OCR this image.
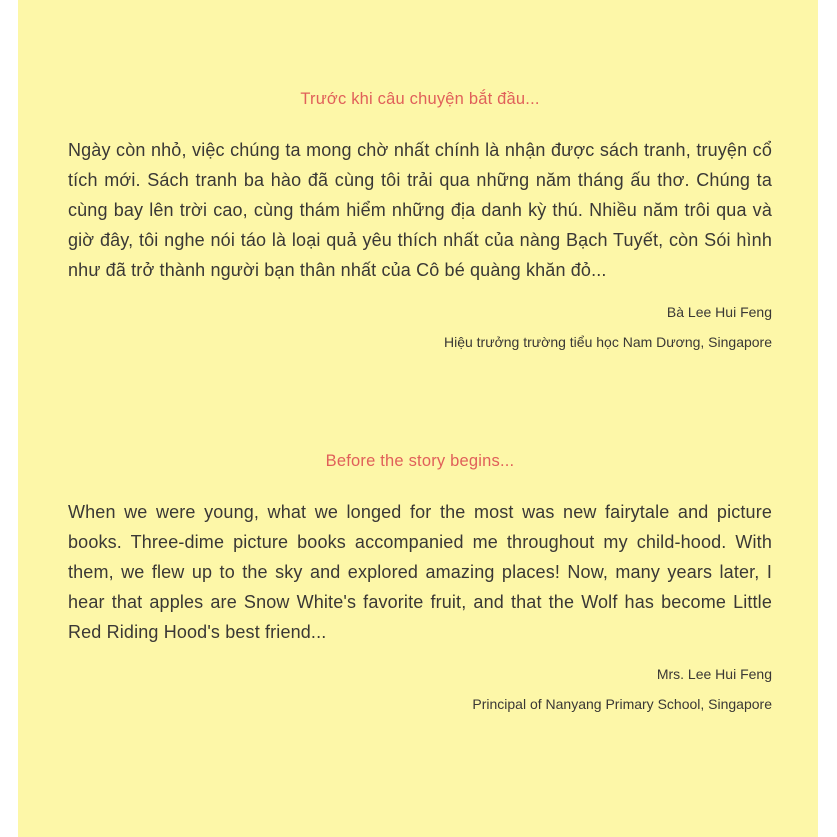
Trước khi câu chuyện bắt đầu...

Ngày còn nhỏ, việc chúng ta mong chờ nhất chính là nhận được sách tranh, truyện cổ tích mới. Sách tranh ba hào đã cùng tôi trải qua những năm tháng ấu thơ. Chúng ta cùng bay lên trời cao, cùng thám hiểm những địa danh kỳ thú. Nhiều năm trôi qua và giờ đây, tôi nghe nói táo là loại quả yêu thích nhất của nàng Bạch Tuyết, còn Sói hình như đã trở thành người bạn thân nhất của Cô bé quàng khăn đỏ...

Bà Lee Hui Feng
Hiệu trưởng trường tiểu học Nam Dương, Singapore
Before the story begins...

When we were young, what we longed for the most was new fairytale and picture books. Three-dime picture books accompanied me throughout my child-hood. With them, we flew up to the sky and explored amazing places! Now, many years later, I hear that apples are Snow White's favorite fruit, and that the Wolf has become Little Red Riding Hood's best friend...

Mrs. Lee Hui Feng
Principal of Nanyang Primary School, Singapore
